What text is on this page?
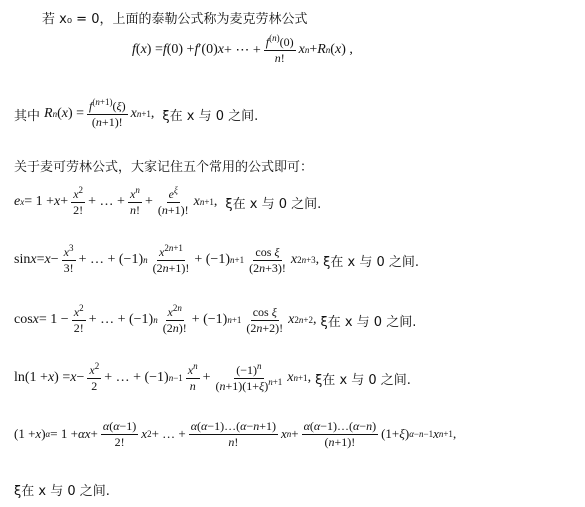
若 x₀ = 0，上面的泰勒公式称为麦克劳林公式
f ( x ) = f (0) + f ′(0) x + ⋯ + $\frac{f^{(n)}(0)}{n!}$ x n + R n ( x ) ,
其中 R n ( x ) = $\frac{f^{(n+1)}(\xi)}{(n+1)!}$ x n+1 , ξ在 x 与 0 之间.
关于麦可劳林公式，大家记住五个常用的公式即可：
e $x = 1 + x + \frac{x^2}{2!}$ + … + $\frac{x^n}{n!} + \frac{e^\xi}{(n+1)!}$ x n+1 , ξ在 x 与 0 之间.
$\sin x = x - \frac{x^3}{3!}$ + … + (−1) n $\frac{x^{2n+1}}{(2n+1)!} + (-1)$ $n+1 \frac{\text{cos ξ}}{(2n+3)!}$ x 2n+3 , ξ在 x 与 0 之间.
$\cos x = 1 - \frac{x^2}{2!}$ + … + (−1) n $\frac{x^{2n}}{(2n)!} + (-1)$ $n+1 \frac{\text{cos ξ}}{(2n+2)!}$ x 2n+2 , ξ在 x 与 0 之间.
ln(1 + x ) = $x - \frac{x^2}{2}$ + … + (−1) $n-1 \frac{x^n}{n} + \frac{(-1)^n}{(n+1)(1+\xi)^{n+1}}$ x n+1 , ξ在 x 与 0 之间.
(1 + x ) $\alpha = 1 + \alpha x + \frac{\alpha(\alpha-1)}{2!}$ x 2 + … + $\frac{\alpha(\alpha-1)\dots(\alpha-n+1)}{n!}$ x $n + \frac{\alpha(\alpha-1)\dots(\alpha-n)}{(n+1)!} (1+ \xi$ ) α−n−1 x n+1 ,
ξ在 x 与 0 之间.
